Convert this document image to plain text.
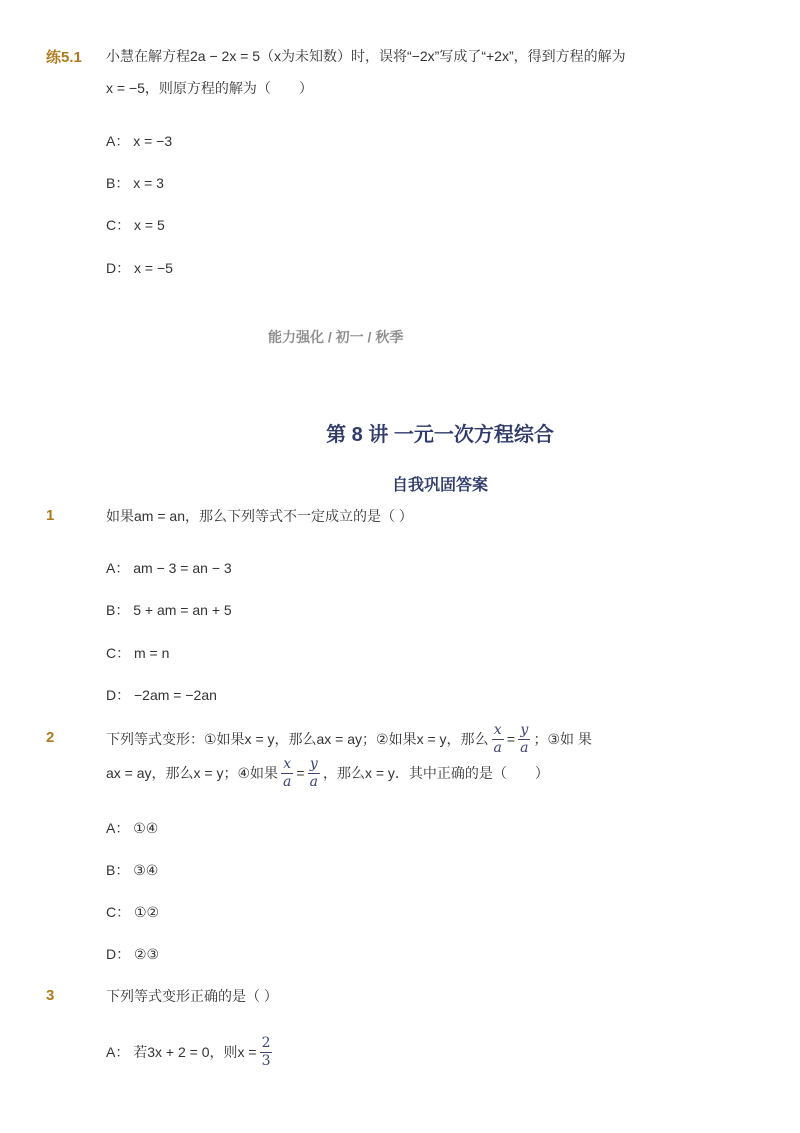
练5.1 小慧在解方程2a − 2x = 5（x为未知数）时，误将“−2x”写成了“+2x”，得到方程的解为
x = −5，则原方程的解为（　　）
A： x = −3
B： x = 3
C： x = 5
D： x = −5
能力强化 / 初一 / 秋季
第 8 讲 一元一次方程综合
自我巩固答案
1	如果am = an，那么下列等式不一定成立的是（ ）
A： am − 3 = an − 3
B： 5 + am = an + 5
C： m = n
D： −2am = −2an
2	下列等式变形：①如果x = y，那么ax = ay；②如果x = y，那么 $\frac{x}{a} = \frac{y}{a}$ ；③如 果
ax = ay，那么x = y；④如果 $\frac{x}{a} = \frac{y}{a}$ ，那么x = y．其中正确的是（　　）
A： ①④
B： ③④
C： ①②
D： ②③
3	下列等式变形正确的是（ ）
A： 若3x + 2 = 0，则$x = \frac{2}{3}$
